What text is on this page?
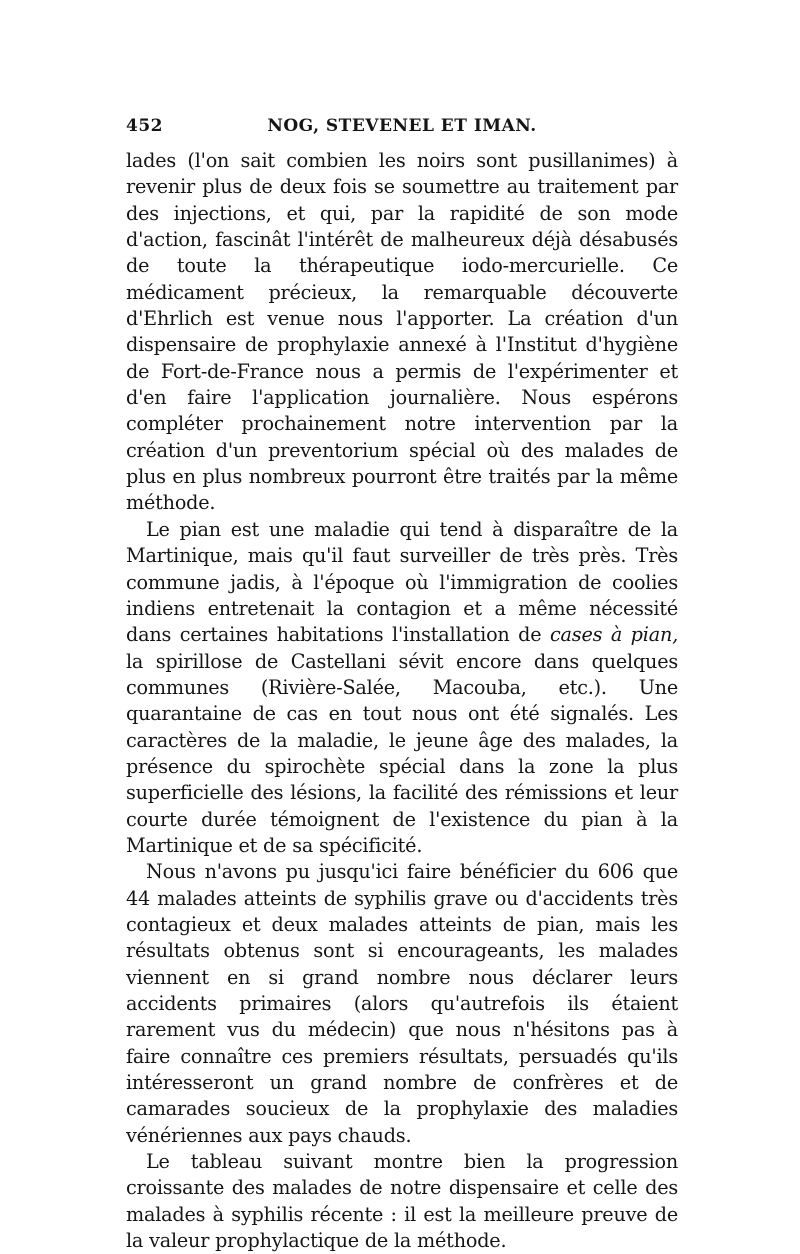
452	NOG, STEVENEL ET IMAN.

lades (l'on sait combien les noirs sont pusillanimes) à revenir plus de deux fois se soumettre au traitement par des injections, et qui, par la rapidité de son mode d'action, fascinât l'intérêt de malheureux déjà désabusés de toute la thérapeutique iodo-mercurielle. Ce médicament précieux, la remarquable découverte d'Ehrlich est venue nous l'apporter. La création d'un dispensaire de prophylaxie annexé à l'Institut d'hygiène de Fort-de-France nous a permis de l'expérimenter et d'en faire l'application journalière. Nous espérons compléter prochainement notre intervention par la création d'un preventorium spécial où des malades de plus en plus nombreux pourront être traités par la même méthode.

Le pian est une maladie qui tend à disparaître de la Martinique, mais qu'il faut surveiller de très près. Très commune jadis, à l'époque où l'immigration de coolies indiens entretenait la contagion et a même nécessité dans certaines habitations l'installation de cases à pian, la spirillose de Castellani sévit encore dans quelques communes (Rivière-Salée, Macouba, etc.). Une quarantaine de cas en tout nous ont été signalés. Les caractères de la maladie, le jeune âge des malades, la présence du spirochète spécial dans la zone la plus superficielle des lésions, la facilité des rémissions et leur courte durée témoignent de l'existence du pian à la Martinique et de sa spécificité.

Nous n'avons pu jusqu'ici faire bénéficier du 606 que 44 malades atteints de syphilis grave ou d'accidents très contagieux et deux malades atteints de pian, mais les résultats obtenus sont si encourageants, les malades viennent en si grand nombre nous déclarer leurs accidents primaires (alors qu'autrefois ils étaient rarement vus du médecin) que nous n'hésitons pas à faire connaître ces premiers résultats, persuadés qu'ils intéresseront un grand nombre de confrères et de camarades soucieux de la prophylaxie des maladies vénériennes aux pays chauds.

Le tableau suivant montre bien la progression croissante des malades de notre dispensaire et celle des malades à syphilis récente : il est la meilleure preuve de la valeur prophylactique de la méthode.
